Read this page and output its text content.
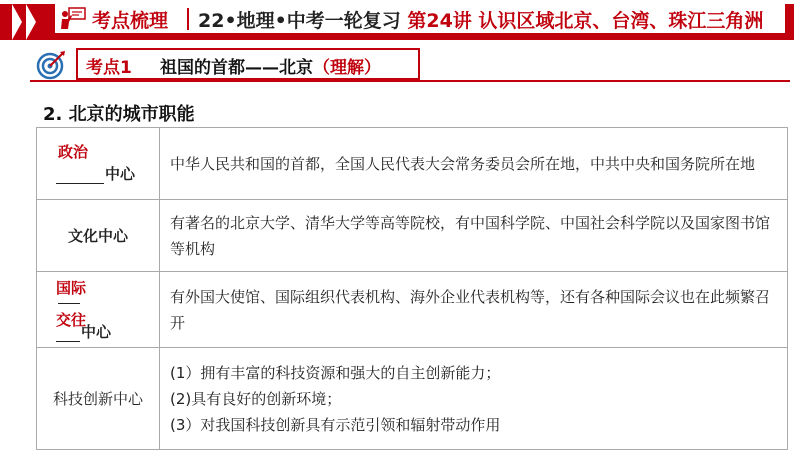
考点梳理 22•地理•中考一轮复习 第24讲 认识区域北京、台湾、珠江三角洲
考点1 祖国的首都——北京（理解）
2. 北京的城市职能
政治
中心	中华人民共和国的首都，全国人民代表大会常务委员会所在地，中共中央和国务院所在地
文化中心	有著名的北京大学、清华大学等高等院校，有中国科学院、中国社会科学院以及国家图书馆等机构

国际
交往
中心	有外国大使馆、国际组织代表机构、海外企业代表机构等，还有各种国际会议也在此频繁召开
科技创新中心	(1）拥有丰富的科技资源和强大的自主创新能力；
(2)具有良好的创新环境；
(3）对我国科技创新具有示范引领和辐射带动作用
